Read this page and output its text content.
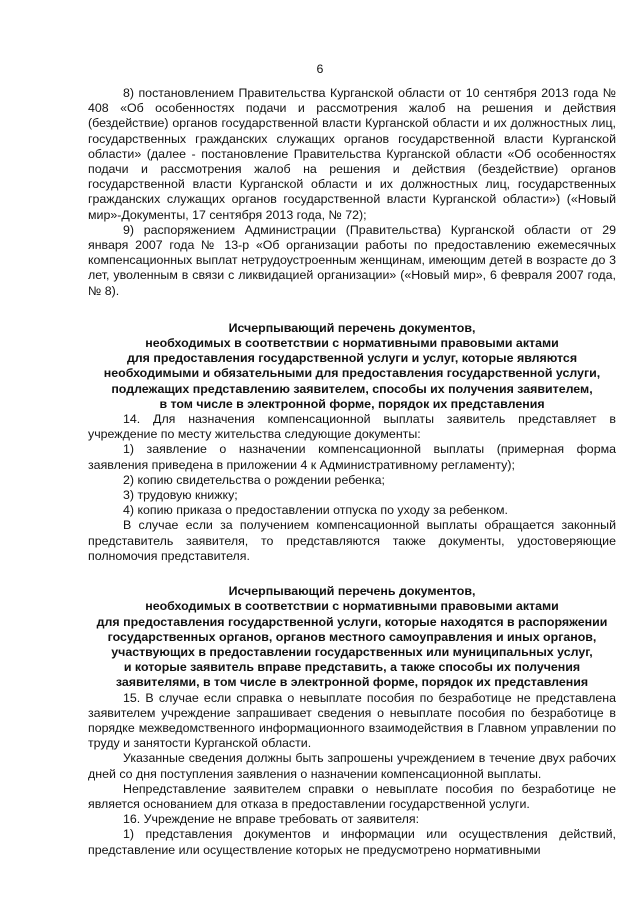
6

8) постановлением Правительства Курганской области от 10 сентября 2013 года № 408 «Об особенностях подачи и рассмотрения жалоб на решения и действия (бездействие) органов государственной власти Курганской области и их должностных лиц, государственных гражданских служащих органов государственной власти Курганской области» (далее - постановление Правительства Курганской области «Об особенностях подачи и рассмотрения жалоб на решения и действия (бездействие) органов государственной власти Курганской области и их должностных лиц, государственных гражданских служащих органов государственной власти Курганской области») («Новый мир»-Документы, 17 сентября 2013 года, № 72);

9) распоряжением Администрации (Правительства) Курганской области от 29 января 2007 года № 13-р «Об организации работы по предоставлению ежемесячных компенсационных выплат нетрудоустроенным женщинам, имеющим детей в возрасте до 3 лет, уволенным в связи с ликвидацией организации» («Новый мир», 6 февраля 2007 года, № 8).

Исчерпывающий перечень документов,

необходимых в соответствии с нормативными правовыми актами

для предоставления государственной услуги и услуг, которые являются

необходимыми и обязательными для предоставления государственной услуги,

подлежащих представлению заявителем, способы их получения заявителем,

в том числе в электронной форме, порядок их представления

14. Для назначения компенсационной выплаты заявитель представляет в учреждение по месту жительства следующие документы:

1) заявление о назначении компенсационной выплаты (примерная форма заявления приведена в приложении 4 к Административному регламенту);

2) копию свидетельства о рождении ребенка;

3) трудовую книжку;

4) копию приказа о предоставлении отпуска по уходу за ребенком.

В случае если за получением компенсационной выплаты обращается законный представитель заявителя, то представляются также документы, удостоверяющие полномочия представителя.

Исчерпывающий перечень документов,

необходимых в соответствии с нормативными правовыми актами

для предоставления государственной услуги, которые находятся в распоряжении

государственных органов, органов местного самоуправления и иных органов,

участвующих в предоставлении государственных или муниципальных услуг,

и которые заявитель вправе представить, а также способы их получения

заявителями, в том числе в электронной форме, порядок их представления

15. В случае если справка о невыплате пособия по безработице не представлена заявителем учреждение запрашивает сведения о невыплате пособия по безработице в порядке межведомственного информационного взаимодействия в Главном управлении по труду и занятости Курганской области.

Указанные сведения должны быть запрошены учреждением в течение двух рабочих дней со дня поступления заявления о назначении компенсационной выплаты.

Непредставление заявителем справки о невыплате пособия по безработице не является основанием для отказа в предоставлении государственной услуги.

16. Учреждение не вправе требовать от заявителя:

1) представления документов и информации или осуществления действий, представление или осуществление которых не предусмотрено нормативными
